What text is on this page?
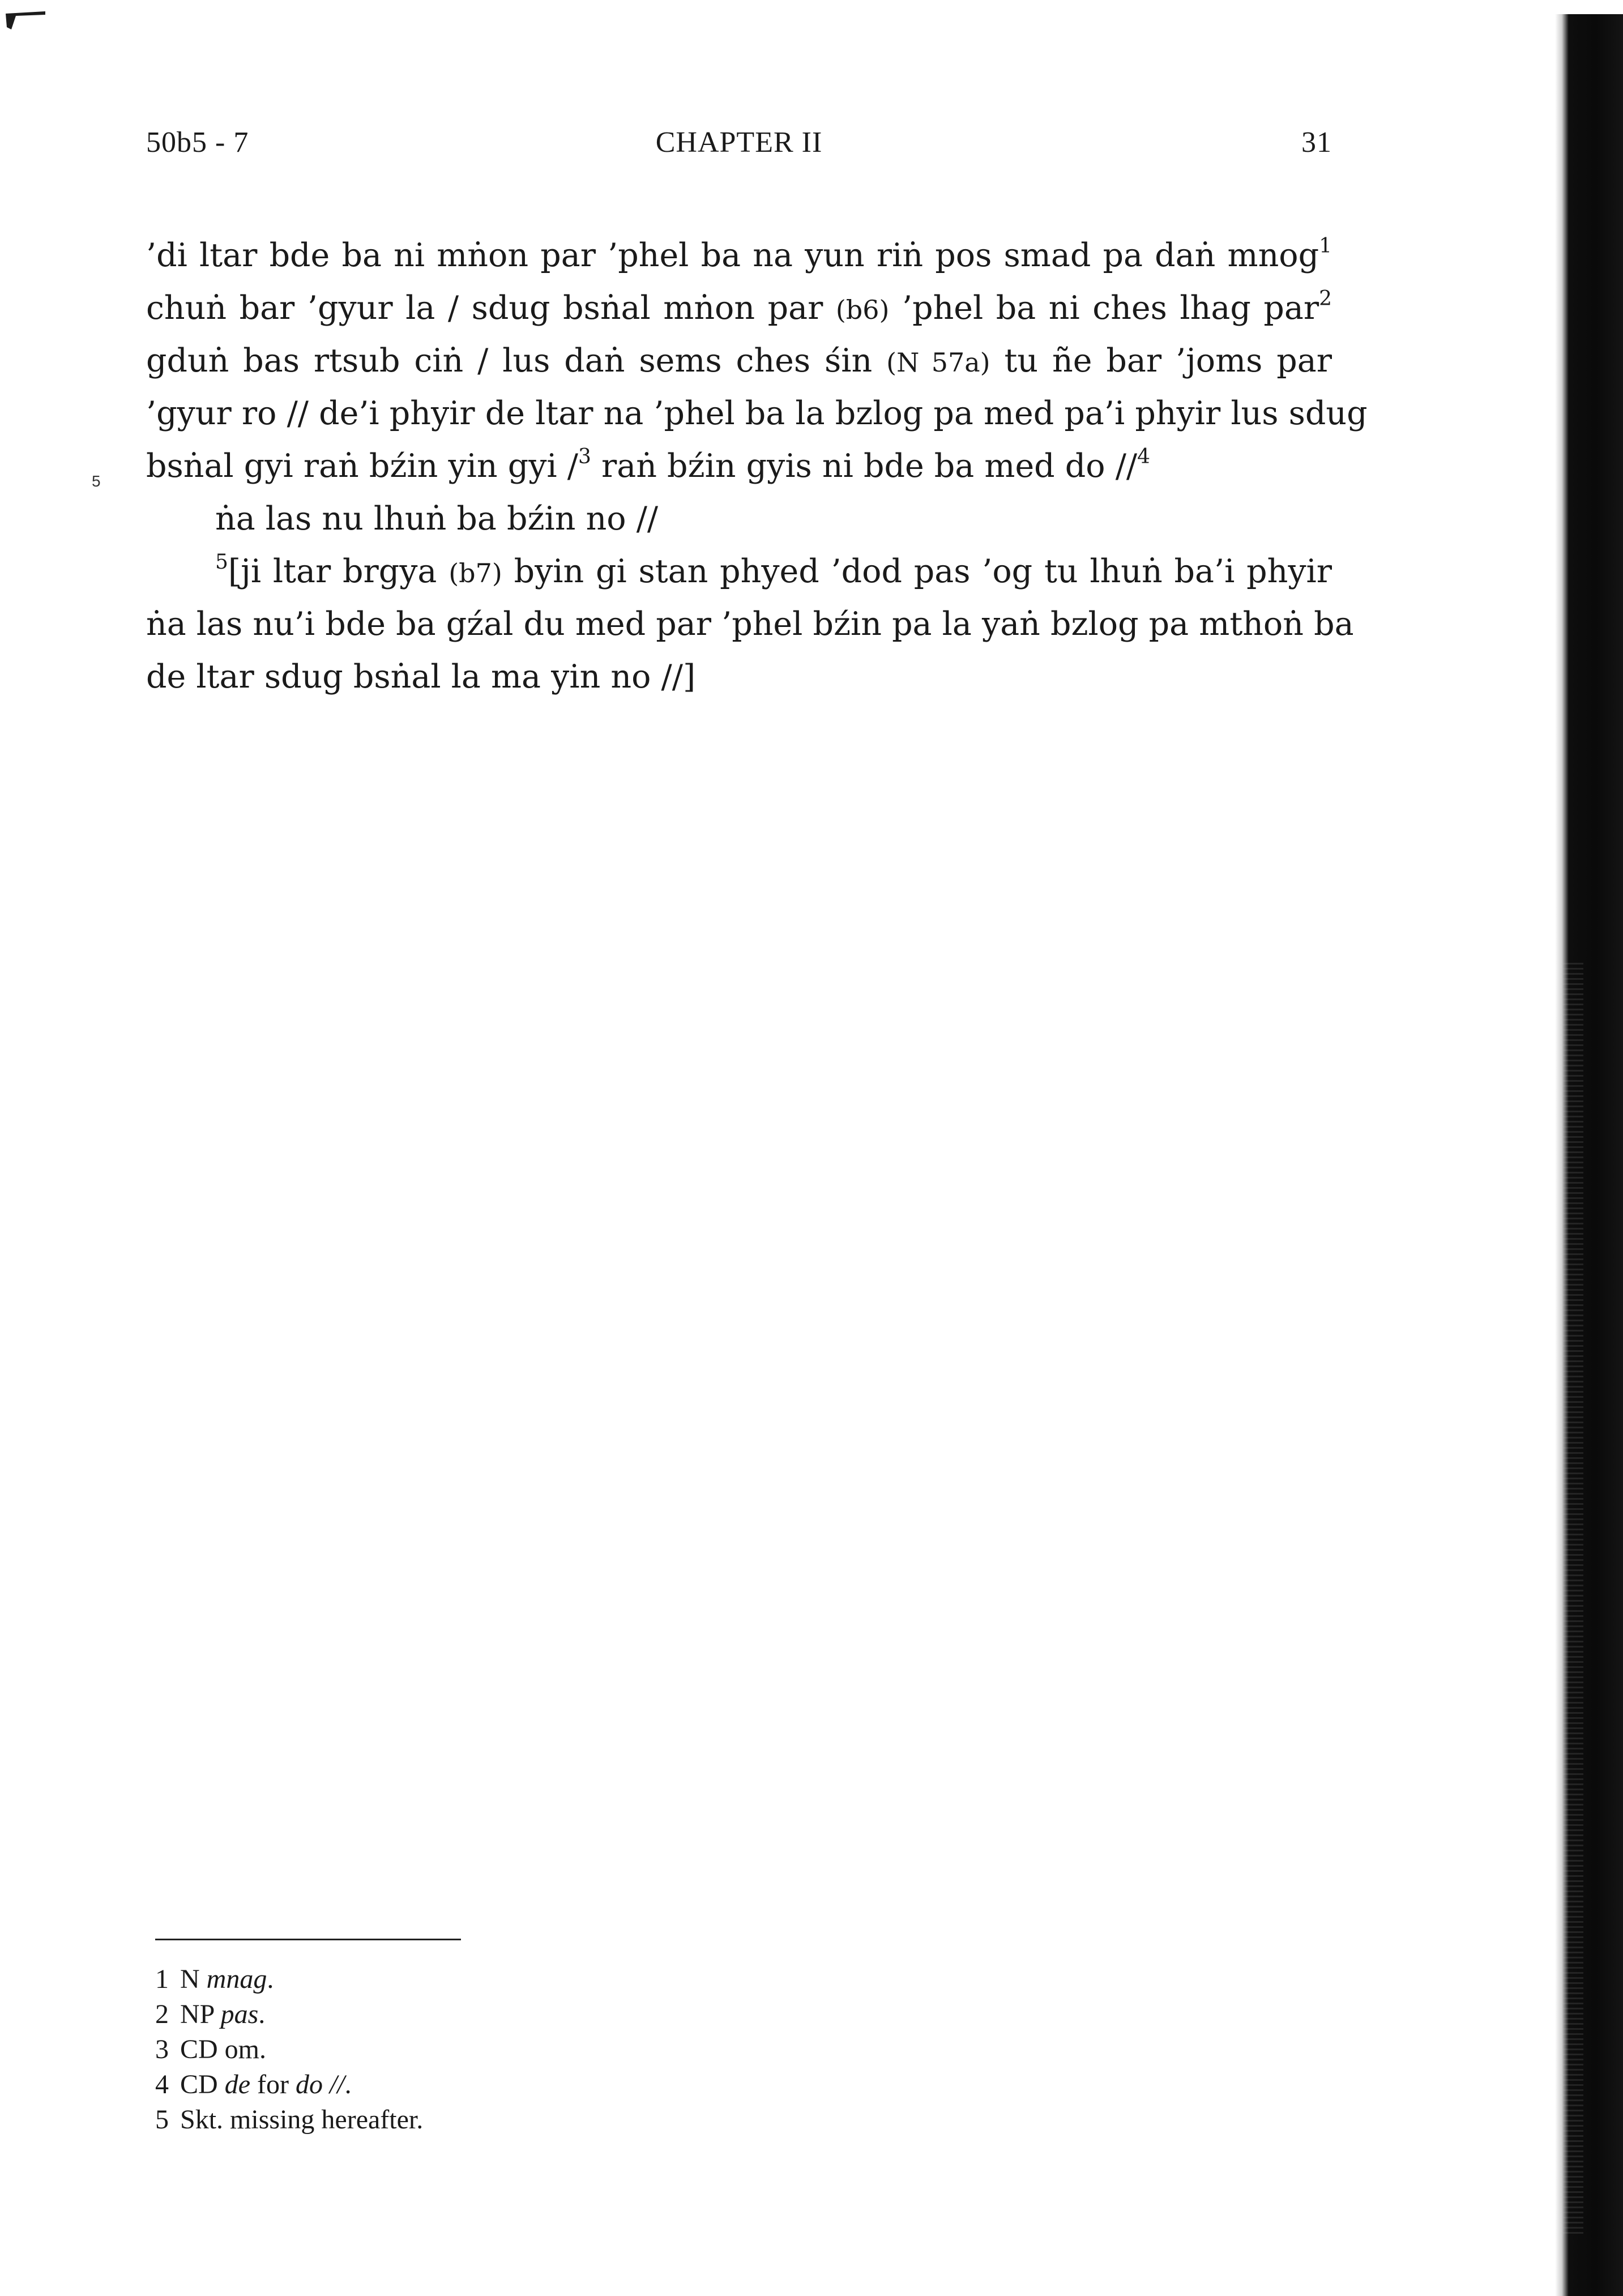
50b5 - 7	CHAPTER II	31
5
’di ltar bde ba ni mṅon par ’phel ba na yun riṅ pos smad pa daṅ mnog$^1$
chuṅ bar ’gyur la / sdug bsṅal mṅon par (b6) ’phel ba ni ches lhag par$^2$
gduṅ bas rtsub ciṅ / lus daṅ sems ches śin (N 57a) tu ñe bar ’joms par
’gyur ro // de’i phyir de ltar na ’phel ba la bzlog pa med pa’i phyir lus sdug
bsṅal gyi raṅ bźin yin gyi /$^3$ raṅ bźin gyis ni bde ba med do //$^4$
ṅa las nu lhuṅ ba bźin no //
$^5$[ji ltar brgya (b7) byin gi stan phyed ’dod pas ’og tu lhuṅ ba’i phyir
ṅa las nu’i bde ba gźal du med par ’phel bźin pa la yaṅ bzlog pa mthoṅ ba
de ltar sdug bsṅal la ma yin no //]
1 N mnag.
2 NP pas.
3 CD om.
4 CD de for do //.
5 Skt. missing hereafter.
